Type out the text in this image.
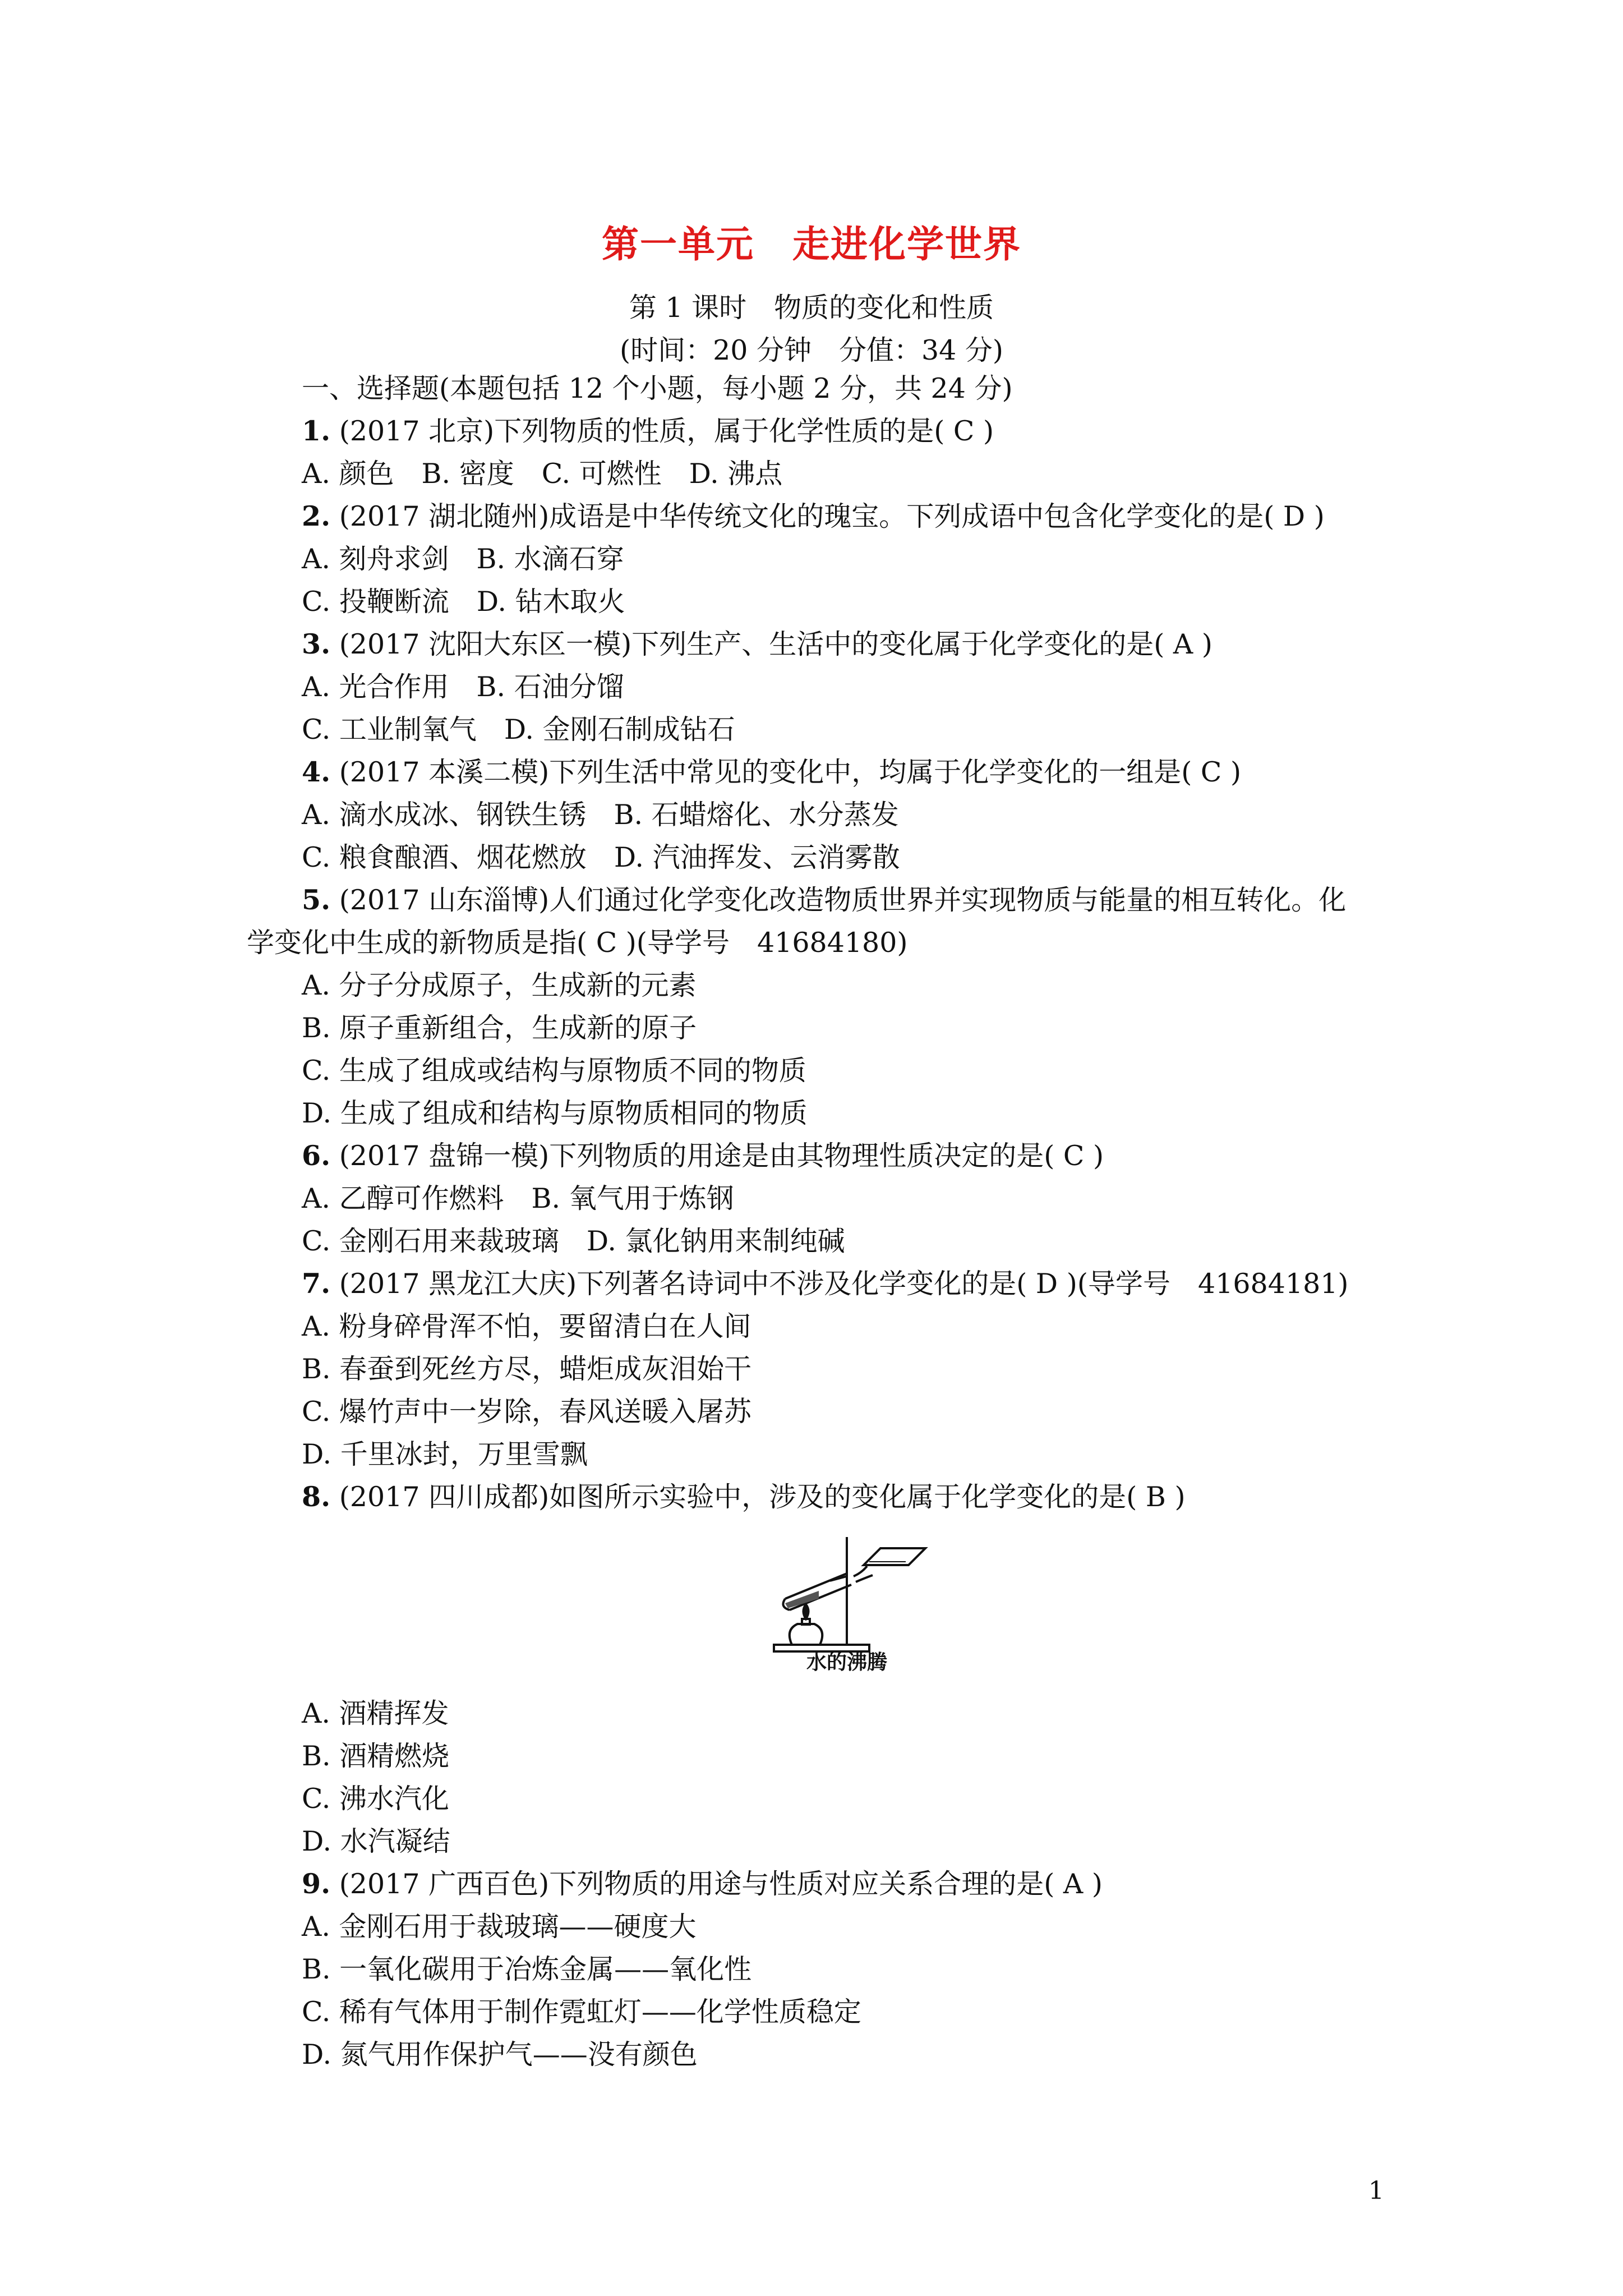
第一单元　走进化学世界
第 1 课时　物质的变化和性质
(时间：20 分钟　分值：34 分)
一、选择题(本题包括 12 个小题，每小题 2 分，共 24 分)
1. (2017 北京)下列物质的性质，属于化学性质的是( C )
A. 颜色　B. 密度　C. 可燃性　D. 沸点
2. (2017 湖北随州)成语是中华传统文化的瑰宝。下列成语中包含化学变化的是( D )
A. 刻舟求剑　B. 水滴石穿
C. 投鞭断流　D. 钻木取火
3. (2017 沈阳大东区一模)下列生产、生活中的变化属于化学变化的是( A )
A. 光合作用　B. 石油分馏
C. 工业制氧气　D. 金刚石制成钻石
4. (2017 本溪二模)下列生活中常见的变化中，均属于化学变化的一组是( C )
A. 滴水成冰、钢铁生锈　B. 石蜡熔化、水分蒸发
C. 粮食酿酒、烟花燃放　D. 汽油挥发、云消雾散
5. (2017 山东淄博)人们通过化学变化改造物质世界并实现物质与能量的相互转化。化
学变化中生成的新物质是指( C )(导学号　41684180)
A. 分子分成原子，生成新的元素
B. 原子重新组合，生成新的原子
C. 生成了组成或结构与原物质不同的物质
D. 生成了组成和结构与原物质相同的物质
6. (2017 盘锦一模)下列物质的用途是由其物理性质决定的是( C )
A. 乙醇可作燃料　B. 氧气用于炼钢
C. 金刚石用来裁玻璃　D. 氯化钠用来制纯碱
7. (2017 黑龙江大庆)下列著名诗词中不涉及化学变化的是( D )(导学号　41684181)
A. 粉身碎骨浑不怕，要留清白在人间
B. 春蚕到死丝方尽，蜡炬成灰泪始干
C. 爆竹声中一岁除，春风送暖入屠苏
D. 千里冰封，万里雪飘
8. (2017 四川成都)如图所示实验中，涉及的变化属于化学变化的是( B )
水的沸腾
A. 酒精挥发
B. 酒精燃烧
C. 沸水汽化
D. 水汽凝结
9. (2017 广西百色)下列物质的用途与性质对应关系合理的是( A )
A. 金刚石用于裁玻璃——硬度大
B. 一氧化碳用于冶炼金属——氧化性
C. 稀有气体用于制作霓虹灯——化学性质稳定
D. 氮气用作保护气——没有颜色
1
